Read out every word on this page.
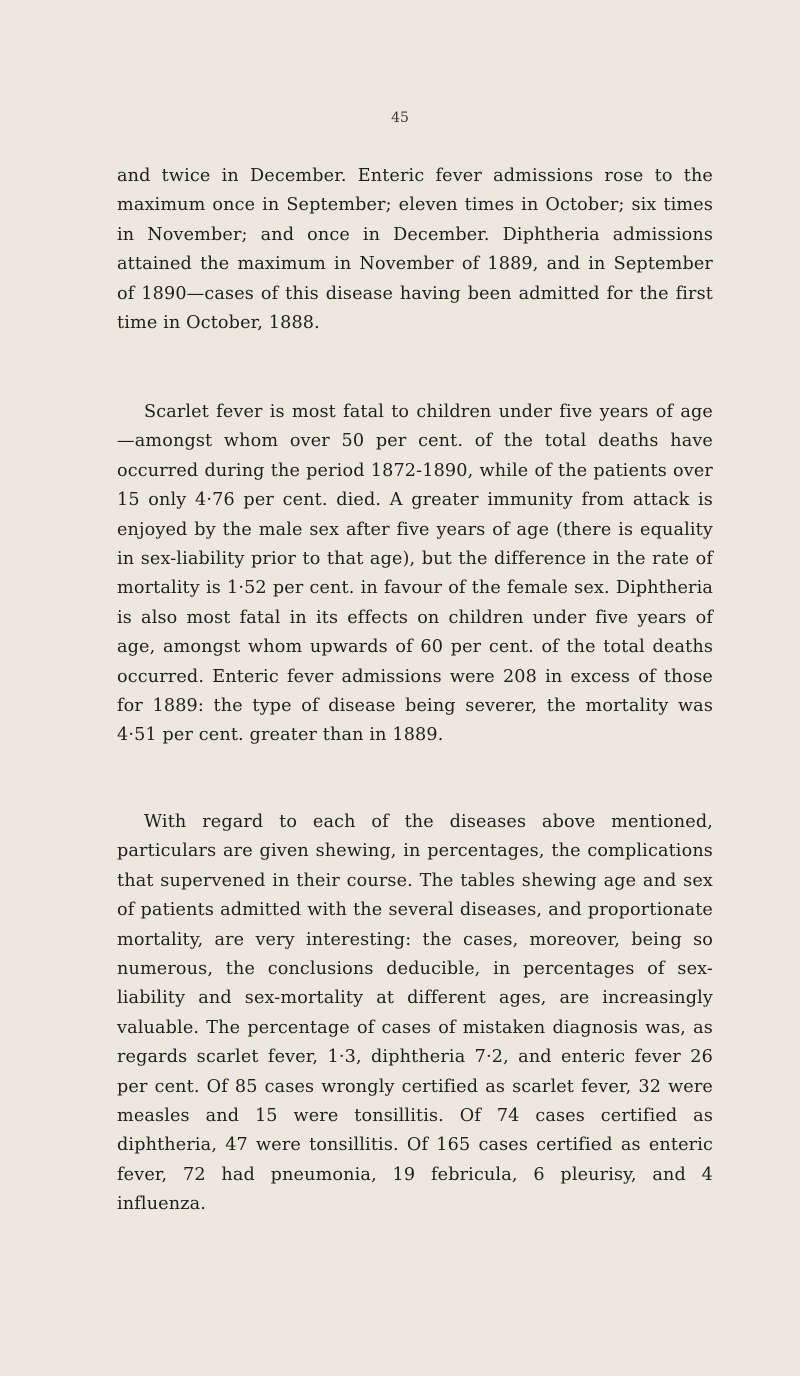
45

and twice in December. Enteric fever admissions rose to the maximum once in September; eleven times in October; six times in November; and once in December. Diphtheria admissions attained the maximum in November of 1889, and in September of 1890—cases of this disease having been admitted for the first time in October, 1888.

Scarlet fever is most fatal to children under five years of age—amongst whom over 50 per cent. of the total deaths have occurred during the period 1872-1890, while of the patients over 15 only 4·76 per cent. died. A greater immunity from attack is enjoyed by the male sex after five years of age (there is equality in sex-liability prior to that age), but the difference in the rate of mortality is 1·52 per cent. in favour of the female sex. Diphtheria is also most fatal in its effects on children under five years of age, amongst whom upwards of 60 per cent. of the total deaths occurred. Enteric fever admissions were 208 in excess of those for 1889: the type of disease being severer, the mortality was 4·51 per cent. greater than in 1889.

With regard to each of the diseases above mentioned, particulars are given shewing, in percentages, the complications that supervened in their course. The tables shewing age and sex of patients admitted with the several diseases, and proportionate mortality, are very interesting: the cases, moreover, being so numerous, the conclusions deducible, in percentages of sex-liability and sex-mortality at different ages, are increasingly valuable. The percentage of cases of mistaken diagnosis was, as regards scarlet fever, 1·3, diphtheria 7·2, and enteric fever 26 per cent. Of 85 cases wrongly certified as scarlet fever, 32 were measles and 15 were tonsillitis. Of 74 cases certified as diphtheria, 47 were tonsillitis. Of 165 cases certified as enteric fever, 72 had pneumonia, 19 febricula, 6 pleurisy, and 4 influenza.
